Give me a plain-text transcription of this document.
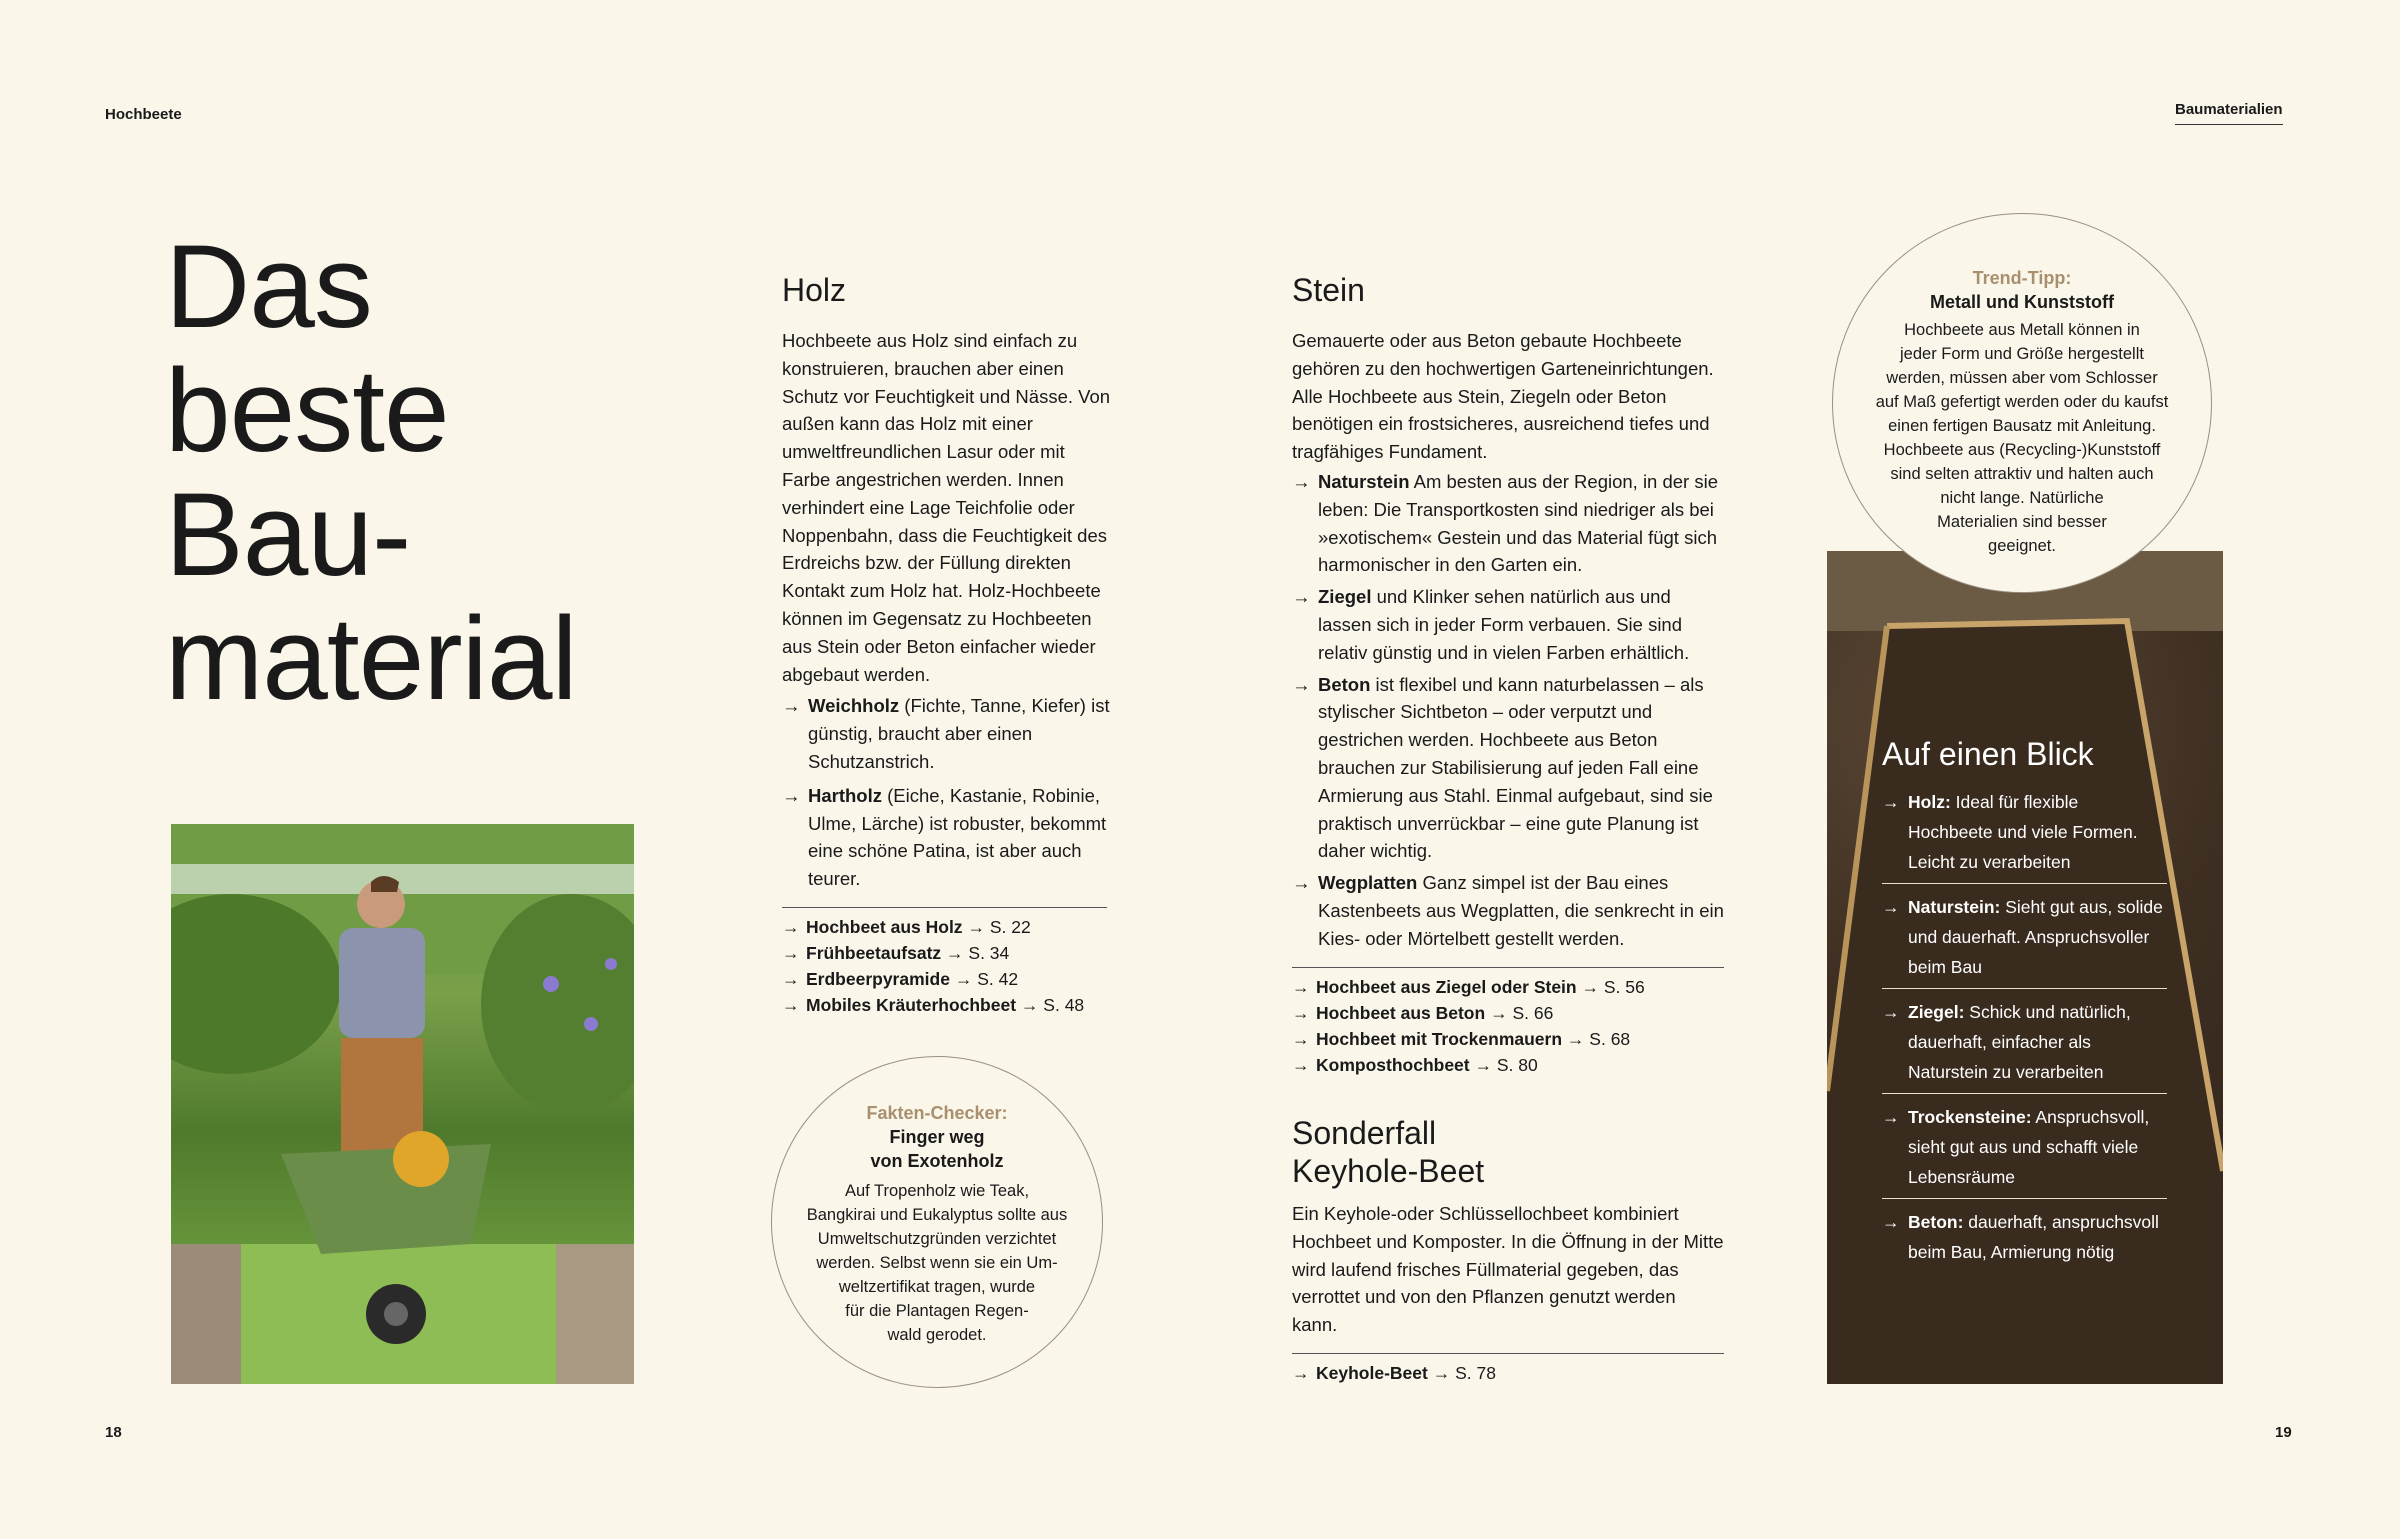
Hochbeete	Baumaterialien
Das
beste
Bau-
material
Holz

Hochbeete aus Holz sind einfach zu konstruieren, brauchen aber einen Schutz vor Feuchtigkeit und Nässe. Von außen kann das Holz mit einer umweltfreundlichen Lasur oder mit Farbe angestrichen werden. Innen verhindert eine Lage Teichfolie oder Noppenbahn, dass die Feuchtigkeit des Erdreichs bzw. der Füllung direkten Kontakt zum Holz hat. Holz-Hochbeete können im Gegensatz zu Hochbeeten aus Stein oder Beton einfacher wieder abgebaut werden.

→ Weichholz (Fichte, Tanne, Kiefer) ist günstig, braucht aber einen Schutzanstrich.
→ Hartholz (Eiche, Kastanie, Robinie, Ulme, Lärche) ist robuster, bekommt eine schöne Patina, ist aber auch teurer.
→ Hochbeet aus Holz → S. 22
→ Frühbeetaufsatz → S. 34
→ Erdbeerpyramide → S. 42
→ Mobiles Kräuterhochbeet → S. 48
Fakten-Checker:
Finger weg
von Exotenholz
Auf Tropenholz wie Teak,
Bangkirai und Eukalyptus sollte aus
Umweltschutzgründen verzichtet
werden. Selbst wenn sie ein Um-
weltzertifikat tragen, wurde
für die Plantagen Regen-
wald gerodet.
Stein

Gemauerte oder aus Beton gebaute Hochbeete gehören zu den hochwertigen Garteneinrichtungen. Alle Hochbeete aus Stein, Ziegeln oder Beton benötigen ein frostsicheres, ausreichend tiefes und tragfähiges Fundament.

→ Naturstein Am besten aus der Region, in der sie leben: Die Transportkosten sind niedriger als bei »exotischem« Gestein und das Material fügt sich harmonischer in den Garten ein.
→ Ziegel und Klinker sehen natürlich aus und lassen sich in jeder Form verbauen. Sie sind relativ günstig und in vielen Farben erhältlich.
→ Beton ist flexibel und kann naturbelassen – als stylischer Sichtbeton – oder verputzt und gestrichen werden. Hochbeete aus Beton brauchen zur Stabilisierung auf jeden Fall eine Armierung aus Stahl. Einmal aufgebaut, sind sie praktisch unverrückbar – eine gute Planung ist daher wichtig.
→ Wegplatten Ganz simpel ist der Bau eines Kastenbeets aus Wegplatten, die senkrecht in ein Kies- oder Mörtelbett gestellt werden.
→ Hochbeet aus Ziegel oder Stein → S. 56
→ Hochbeet aus Beton → S. 66
→ Hochbeet mit Trockenmauern → S. 68
→ Komposthochbeet → S. 80
Sonderfall
Keyhole-Beet

Ein Keyhole-oder Schlüssellochbeet kombiniert Hochbeet und Komposter. In die Öffnung in der Mitte wird laufend frisches Füllmaterial gegeben, das verrottet und von den Pflanzen genutzt werden kann.

→ Keyhole-Beet → S. 78
Auf einen Blick
→ Holz: Ideal für flexible Hochbeete und viele Formen. Leicht zu verarbeiten
→ Naturstein: Sieht gut aus, solide und dauerhaft. Anspruchsvoller beim Bau
→ Ziegel: Schick und natürlich, dauerhaft, einfacher als Naturstein zu verarbeiten
→ Trockensteine: Anspruchsvoll, sieht gut aus und schafft viele Lebensräume
→ Beton: dauerhaft, anspruchsvoll beim Bau, Armierung nötig
Trend-Tipp:
Metall und Kunststoff
Hochbeete aus Metall können in
jeder Form und Größe hergestellt
werden, müssen aber vom Schlosser
auf Maß gefertigt werden oder du kaufst
einen fertigen Bausatz mit Anleitung.
Hochbeete aus (Recycling-)Kunststoff
sind selten attraktiv und halten auch
nicht lange. Natürliche
Materialien sind besser
geeignet.
18	19
